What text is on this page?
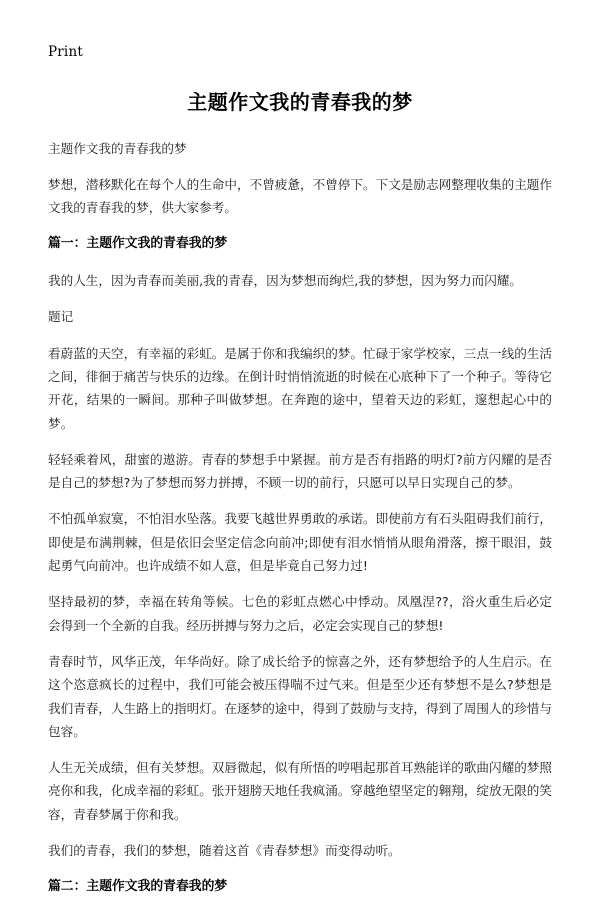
Print
主题作文我的青春我的梦

主题作文我的青春我的梦

梦想，潜移默化在每个人的生命中，不曾疲惫，不曾停下。下文是励志网整理收集的主题作文我的青春我的梦，供大家参考。

篇一：主题作文我的青春我的梦

我的人生，因为青春而美丽,我的青春，因为梦想而绚烂,我的梦想，因为努力而闪耀。

题记

看蔚蓝的天空，有幸福的彩虹。是属于你和我编织的梦。忙碌于家学校家，三点一线的生活之间，徘徊于痛苦与快乐的边缘。在倒计时悄悄流逝的时候在心底种下了一个种子。等待它开花，结果的一瞬间。那种子叫做梦想。在奔跑的途中，望着天边的彩虹，邃想起心中的梦。

轻轻乘着风，甜蜜的遨游。青春的梦想手中紧握。前方是否有指路的明灯?前方闪耀的是否是自己的梦想?为了梦想而努力拼搏，不顾一切的前行，只愿可以早日实现自己的梦。

不怕孤单寂寞，不怕泪水坠落。我要飞越世界勇敢的承诺。即使前方有石头阻碍我们前行，即使是布满荆棘，但是依旧会坚定信念向前冲;即使有泪水悄悄从眼角滑落，擦干眼泪，鼓起勇气向前冲。也许成绩不如人意，但是毕竟自己努力过!

坚持最初的梦，幸福在转角等候。七色的彩虹点燃心中悸动。凤凰涅??，浴火重生后必定会得到一个全新的自我。经历拼搏与努力之后，必定会实现自己的梦想!

青春时节，风华正茂，年华尚好。除了成长给予的惊喜之外，还有梦想给予的人生启示。在这个恣意疯长的过程中，我们可能会被压得喘不过气来。但是至少还有梦想不是么?梦想是我们青春，人生路上的指明灯。在逐梦的途中，得到了鼓励与支持，得到了周围人的珍惜与包容。

人生无关成绩，但有关梦想。双唇微起，似有所悟的哼唱起那首耳熟能详的歌曲闪耀的梦照亮你和我，化成幸福的彩虹。张开翅膀天地任我疯涌。穿越绝望坚定的翱翔，绽放无限的笑容，青春梦属于你和我。

我们的青春，我们的梦想，随着这首《青春梦想》而变得动听。

篇二：主题作文我的青春我的梦
